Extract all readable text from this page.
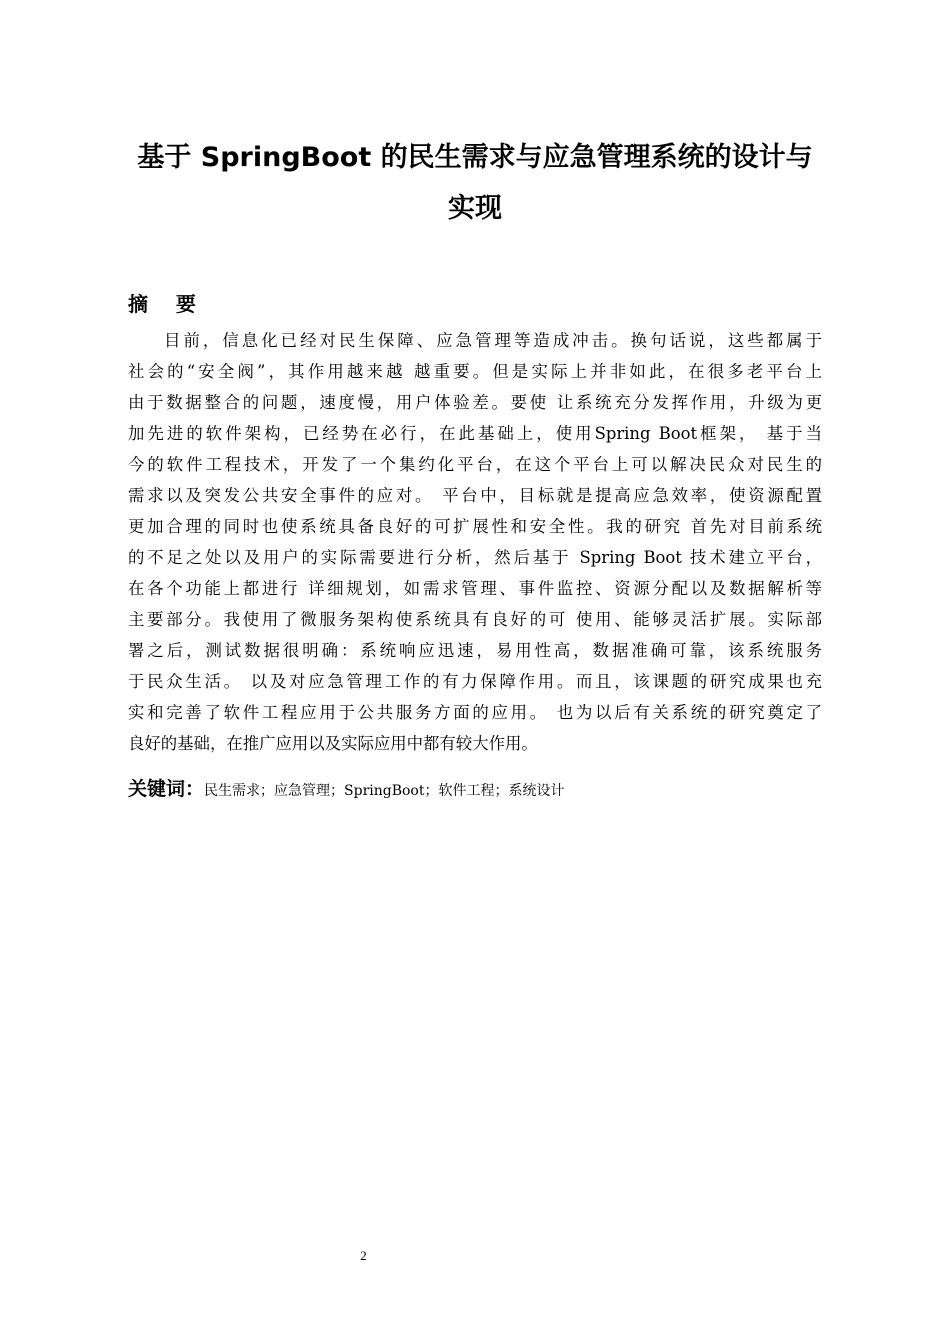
基于 SpringBoot 的民生需求与应急管理系统的设计与
实现
摘    要
目前，信息化已经对民生保障、应急管理等造成冲击。换句话说，这些都属于
社会的“安全阀”，其作用越来越 越重要。但是实际上并非如此，在很多老平台上
由于数据整合的问题，速度慢，用户体验差。要使 让系统充分发挥作用，升级为更
加先进的软件架构，已经势在必行，在此基础上，使用Spring Boot框架， 基于当
今的软件工程技术，开发了一个集约化平台，在这个平台上可以解决民众对民生的
需求以及突发公共安全事件的应对。 平台中，目标就是提高应急效率，使资源配置
更加合理的同时也使系统具备良好的可扩展性和安全性。我的研究 首先对目前系统
的不足之处以及用户的实际需要进行分析，然后基于 Spring Boot 技术建立平台，
在各个功能上都进行 详细规划，如需求管理、事件监控、资源分配以及数据解析等
主要部分。我使用了微服务架构使系统具有良好的可 使用、能够灵活扩展。实际部
署之后，测试数据很明确：系统响应迅速，易用性高，数据准确可靠，该系统服务
于民众生活。 以及对应急管理工作的有力保障作用。而且，该课题的研究成果也充
实和完善了软件工程应用于公共服务方面的应用。 也为以后有关系统的研究奠定了
良好的基础，在推广应用以及实际应用中都有较大作用。
关键词：民生需求；应急管理；SpringBoot；软件工程；系统设计
2
